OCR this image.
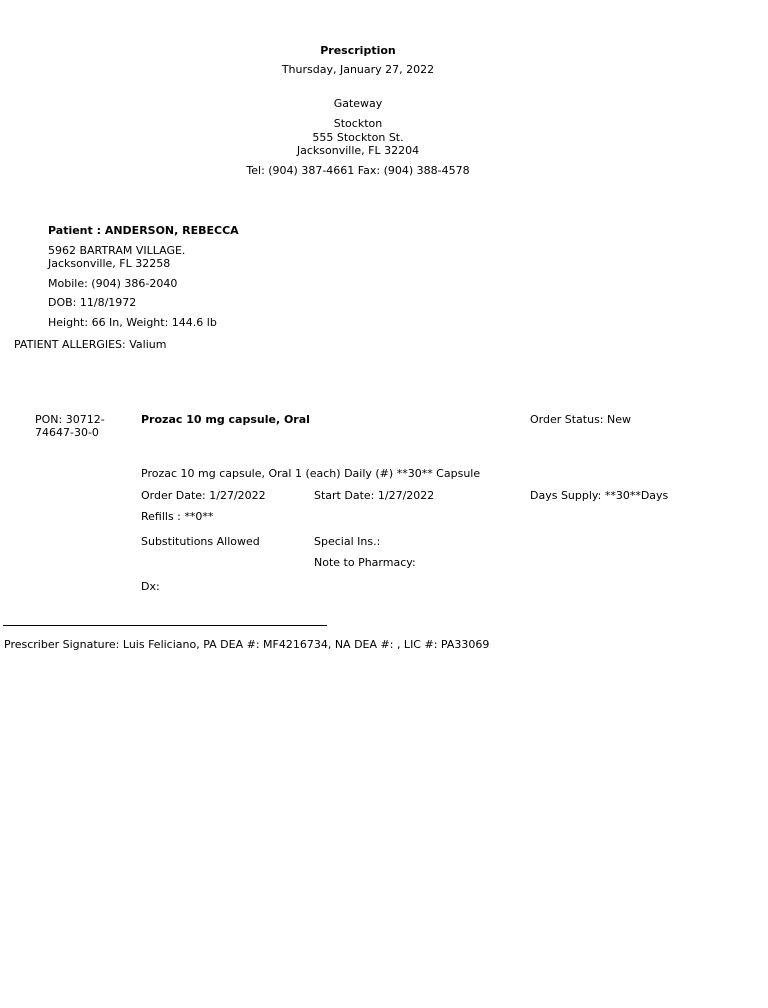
Prescription
Thursday, January 27, 2022
Gateway
Stockton
555 Stockton St.
Jacksonville, FL 32204
Tel: (904) 387-4661 Fax: (904) 388-4578
Patient : ANDERSON, REBECCA
5962 BARTRAM VILLAGE.
Jacksonville, FL 32258
Mobile: (904) 386-2040
DOB: 11/8/1972
Height: 66 In, Weight: 144.6 lb
PATIENT ALLERGIES: Valium
PON: 30712-74647-30-0
Prozac 10 mg capsule, Oral	Order Status: New
Prozac 10 mg capsule, Oral 1 (each) Daily (#) **30** Capsule
Order Date: 1/27/2022	Start Date: 1/27/2022	Days Supply: **30**Days
Refills : **0**
Substitutions Allowed	Special Ins.:
Note to Pharmacy:
Dx:
Prescriber Signature: Luis Feliciano, PA DEA #: MF4216734, NA DEA #: , LIC #: PA33069
